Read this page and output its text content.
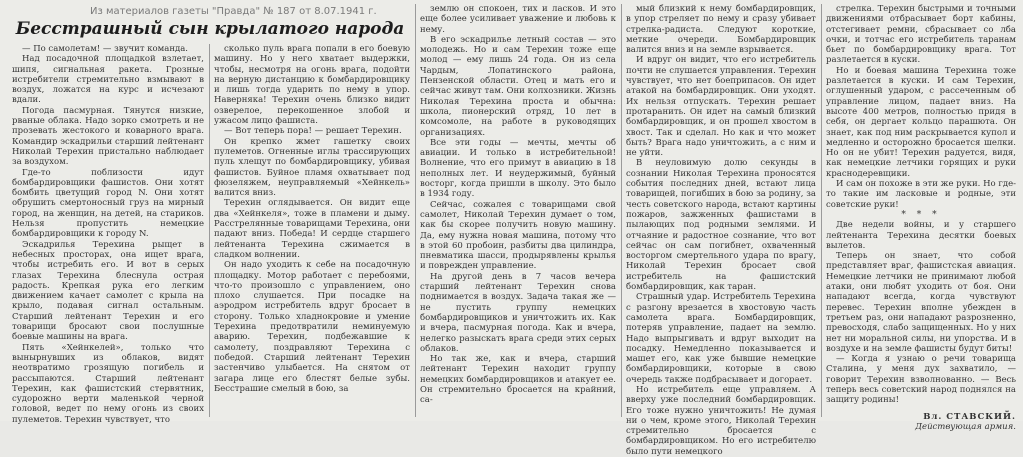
Из материалов газеты "Правда" № 187 от 8.07.1941 г.
Бесстрашный сын крылатого народа

— По самолетам! — звучит команда.

Над посадочной площадкой взлетает, шипя, сигнальная ракета. Грозные истребители стремительно взмывают в воздух, ложатся на курс и исчезают вдали.

Погода пасмурная. Тянутся низкие, рваные облака. Надо зорко смотреть и не прозевать жестокого и коварного врага. Командир эскадрильи старший лейтенант Николай Терехин пристально наблюдает за воздухом.

Где-то поблизости идут бомбардировщики фашистов. Они хотят бомбить цветущий город N. Они хотят обрушить смертоносный груз на мирный город, на женщин, на детей, на стариков. Нельзя пропустить немецкие бомбардировщики к городу N.

Эскадрилья Терехина рыщет в небесных просторах, она ищет врага, чтобы истребить его. И вот в серых глазах Терехина блеснула острая радость. Крепкая рука его легким движением качает самолет с крыла на крыло, подавая сигнал остальным. Старший лейтенант Терехин и его товарищи бросают свои послушные боевые машины на врага.

Пять «Хейнкелей», только что вынырнувших из облаков, видят неотвратимо грозящую погибель и рассыпаются. Старший лейтенант Терехин, как фашистский стервятник, судорожно верти маленькой черной головой, ведет по нему огонь из своих пулеметов. Терехин чувствует, что

сколько пуль врага попали в его боевую машину. Но у него хватает выдержки, чтобы, несмотря на огонь врага, подойти на верную дистанцию к бомбардировщику и лишь тогда ударить по нему в упор. Наверняка! Терехин очень близко видит озверелое, перекошенное злобой и ужасом лицо фашиста.

— Вот теперь пора! — решает Терехин.

Он крепко жмет гашетку своих пулеметов. Огненные иглы трассирующих пуль хлещут по бомбардировщику, убивая фашистов. Буйное пламя охватывает под фюзеляжем, неуправляемый «Хейнкель» валится вниз.

Терехин оглядывается. Он видит еще два «Хейнкеля», тоже в пламени и дыму. Расстрелянные товарищами Терехина, они падают вниз. Победа! И сердце старшего лейтенанта Терехина сжимается в сладком волнении.

Он надо уходить к себе на посадочную площадку. Мотор работает с перебоями, что-то произошло с управлением, оно плохо слушается. При посадке на аэродром истребитель вдруг бросает в сторону. Только хладнокровие и умение Терехина предотвратили неминуемую аварию. Терехин, подбежавшие к самолету, поздравляют Терехина с победой. Старший лейтенант Терехин застенчиво улыбается. На снятом от загара лице его блестят белые зубы. Бесстрашие смелый в бою, за

землю он спокоен, тих и ласков. И это еще более усиливает уважение и любовь к нему.

В его эскадрилье летный состав — это молодежь. Но и сам Терехин тоже еще молод — ему лишь 24 года. Он из села Чардым, Лопатинского района, Пензенской области. Отец и мать его и сейчас живут там. Они колхозники. Жизнь Николая Терехина проста и обычна: школа, пионерский отряд, 10 лет в комсомоле, на работе в руководящих организациях.

Все эти годы — мечты, мечты об авиации. И только в истребительной! Волнение, что его примут в авиацию в 18 неполных лет. И неудержимый, буйный восторг, когда пришли в школу. Это было в 1934 году.

Сейчас, сожалея с товарищами свой самолет, Николай Терехин думает о том, как бы скорее получить новую машину. Да, ему нужна новая машина, потому что в этой 60 пробоин, разбиты два цилиндра, пневматика шасси, продырявлены крылья и поврежден управление.

На другой день в 7 часов вечера старший лейтенант Терехин снова поднимается в воздух. Задача такая же — не пустить группу немецких бомбардировщиков и уничтожить их. Как и вчера, пасмурная погода. Как и вчера, нелегко разыскать врага среди этих серых облаков.

Но так же, как и вчера, старший лейтенант Терехин находит группу немецких бомбардировщиков и атакует ее. Он стремительно бросается на крайний, са-

мый близкий к нему бомбардировщик, в упор стреляет по нему и сразу убивает стрелка-радиста. Следуют короткие, меткие очереди. Бомбардировщик валится вниз и на земле взрывается.

И вдруг он видит, что его истребитель почти не слушается управления. Терехин чувствует, что нет боеприпасов. Он идет атакой на бомбардировщик. Они уходят. Их нельзя отпускать. Терехин решает протаранить. Он идет на самый близкий бомбардировщик, и он прошел хвостом в хвост. Так и сделал. Но как и что может быть? Врага надо уничтожить, а с ним и не уйти.

В неуловимую долю секунды в сознании Николая Терехина проносятся события последних дней, встают лица товарищей, погибших в бою за родину, за честь советского народа, встают картины пожаров, зажженных фашистами в пылающих под родными землями. И отчаяние и радостное сознание, что вот сейчас он сам погибнет, охваченный восторгом смертельного удара по врагу, Николай Терехин бросает свой истребитель на фашистский бомбардировщик, как таран.

Страшный удар. Истребитель Терехина с разгону врезается в хвостовую часть самолета врага. Бомбардировщик, потеряв управление, падает на землю. Надо выпрыгивать и вдруг выходит на посадку. Немедленно показывается и машет его, как уже бывшие немецкие бомбардировщики, которые в свою очередь также подбрасывает и догорает.

Но истребитель еще управляем. А вверху уже последний бомбардировщик. Его тоже нужно уничтожить! Не думая ни о чем, кроме этого, Николай Терехин стремительно бросается с бомбардировщиком. Но его истребителю было пути немецкого

стрелка. Терехин быстрыми и точными движениями отбрасывает борт кабины, отстегивает ремни, сбрасывает со лба очки, и тотчас его истребитель таранам бьет по бомбардировщику врага. Тот разлетается в куски.

Но и боевая машина Терехина тоже разлетается в куски. И сам Терехин, оглушенный ударом, с рассеченным об управление лицом, падает вниз. На высоте 400 метров, полностью придя в себя, он дергает кольцо парашюта. Он знает, как под ним раскрывается купол и медленно и осторожно бросается шелки. Но он не убит! Терехин радуется, видя, как немецкие летчики горящих и руки краснодеревщики.

И сам он похоже в эти же руки. Но где-то такие им ласковые и родные, эти советские руки!

* * *

Две недели войны, и у старшего лейтенанта Терехина десятки боевых вылетов.

Теперь он знает, что собой представляет враг, фашистская авиация. Немецкие летчики не принимают любой атаки, они любят уходить от боя. Они нападают всегда, когда чувствуют перевес. Терехин вполне убежден в третьем раз, они нападают разрозненно, превосходя, слабо защищенных. Но у них нет ни моральной силы, ни упорства. И в воздухе и на земле фашисты будут биты!

— Когда я узнаю о речи товарища Сталина, у меня дух захватило, — говорит Терехин взволнованно. — Весь теперь весь советский народ поднялся на защиту родины!

Вл. СТАВСКИЙ.

Действующая армия.
